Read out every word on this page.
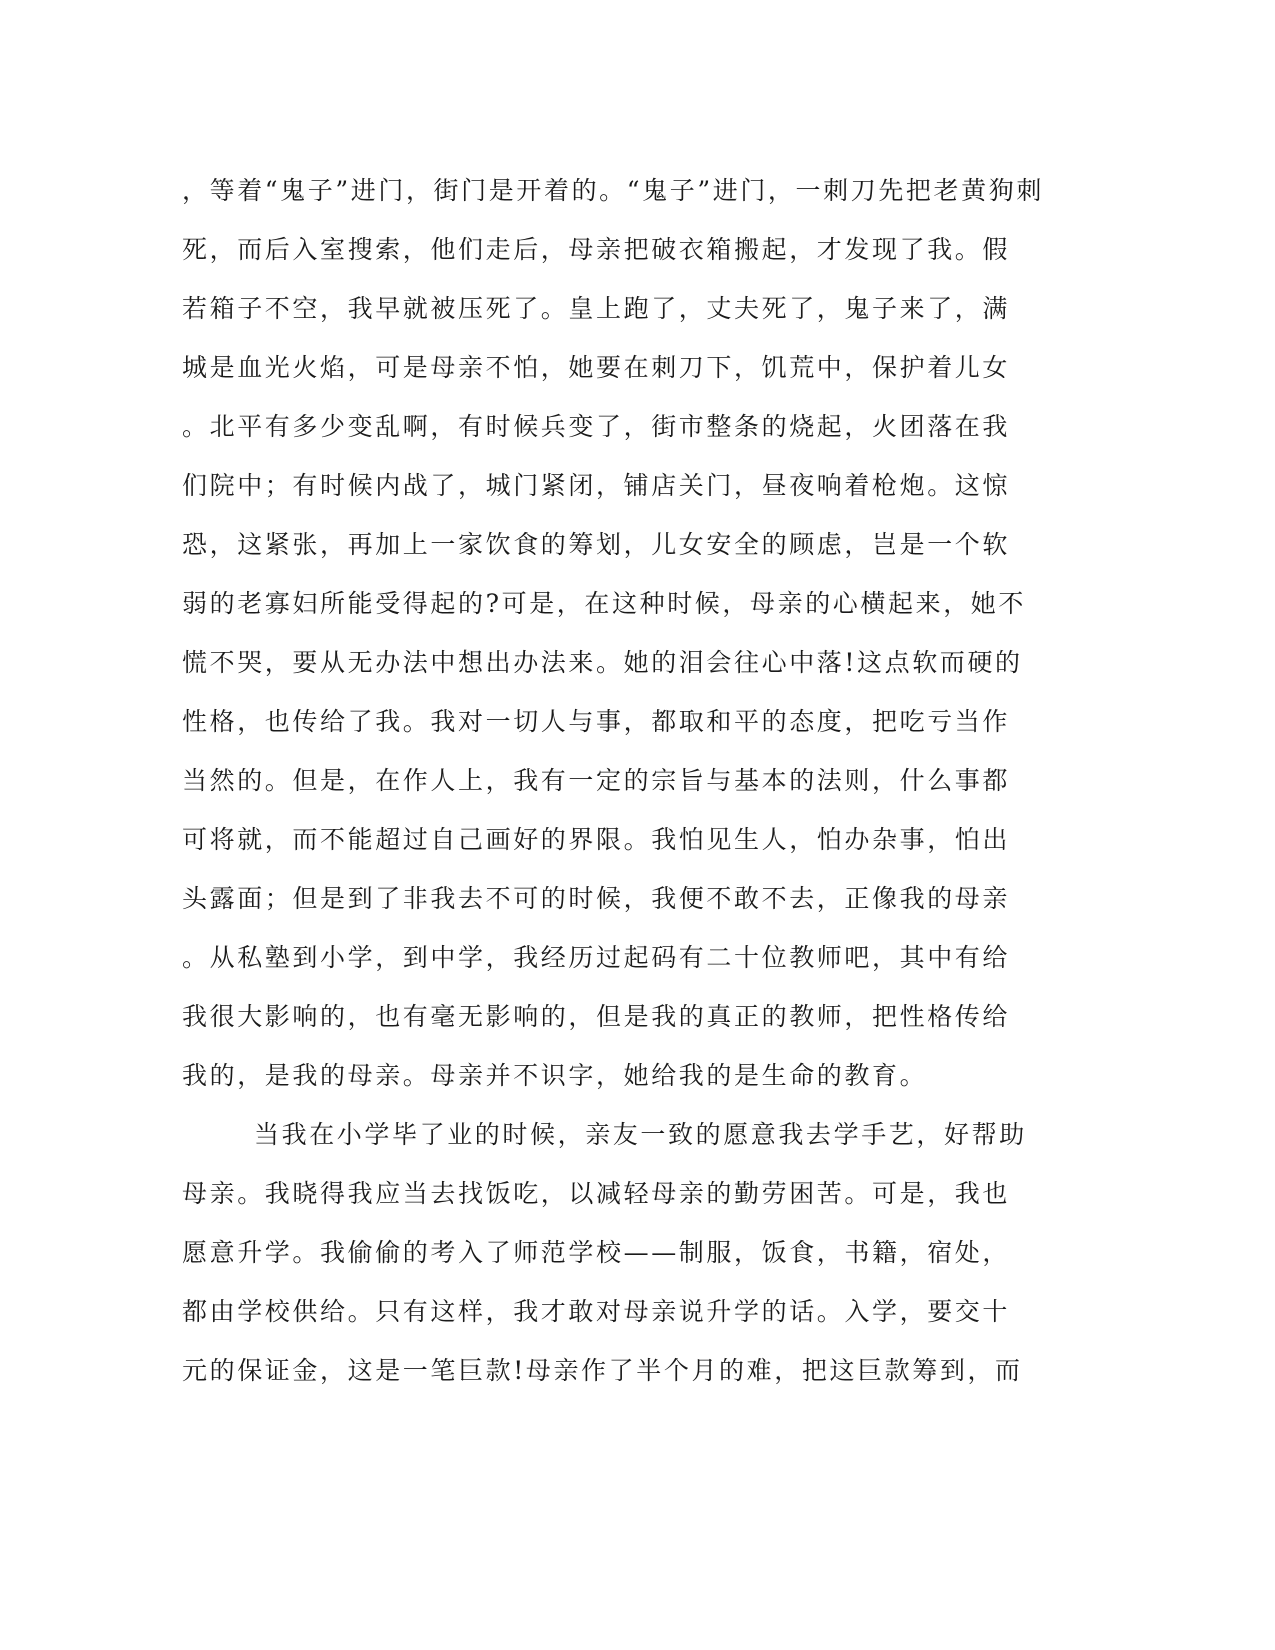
，等着“鬼子”进门，街门是开着的。“鬼子”进门，一刺刀先把老黄狗刺
死，而后入室搜索，他们走后，母亲把破衣箱搬起，才发现了我。假
若箱子不空，我早就被压死了。皇上跑了，丈夫死了，鬼子来了，满
城是血光火焰，可是母亲不怕，她要在刺刀下，饥荒中，保护着儿女
。北平有多少变乱啊，有时候兵变了，街市整条的烧起，火团落在我
们院中；有时候内战了，城门紧闭，铺店关门，昼夜响着枪炮。这惊
恐，这紧张，再加上一家饮食的筹划，儿女安全的顾虑，岂是一个软
弱的老寡妇所能受得起的?可是，在这种时候，母亲的心横起来，她不
慌不哭，要从无办法中想出办法来。她的泪会往心中落!这点软而硬的
性格，也传给了我。我对一切人与事，都取和平的态度，把吃亏当作
当然的。但是，在作人上，我有一定的宗旨与基本的法则，什么事都
可将就，而不能超过自己画好的界限。我怕见生人，怕办杂事，怕出
头露面；但是到了非我去不可的时候，我便不敢不去，正像我的母亲
。从私塾到小学，到中学，我经历过起码有二十位教师吧，其中有给
我很大影响的，也有毫无影响的，但是我的真正的教师，把性格传给
我的，是我的母亲。母亲并不识字，她给我的是生命的教育。
当我在小学毕了业的时候，亲友一致的愿意我去学手艺，好帮助
母亲。我晓得我应当去找饭吃，以减轻母亲的勤劳困苦。可是，我也
愿意升学。我偷偷的考入了师范学校——制服，饭食，书籍，宿处，
都由学校供给。只有这样，我才敢对母亲说升学的话。入学，要交十
元的保证金，这是一笔巨款!母亲作了半个月的难，把这巨款筹到，而
